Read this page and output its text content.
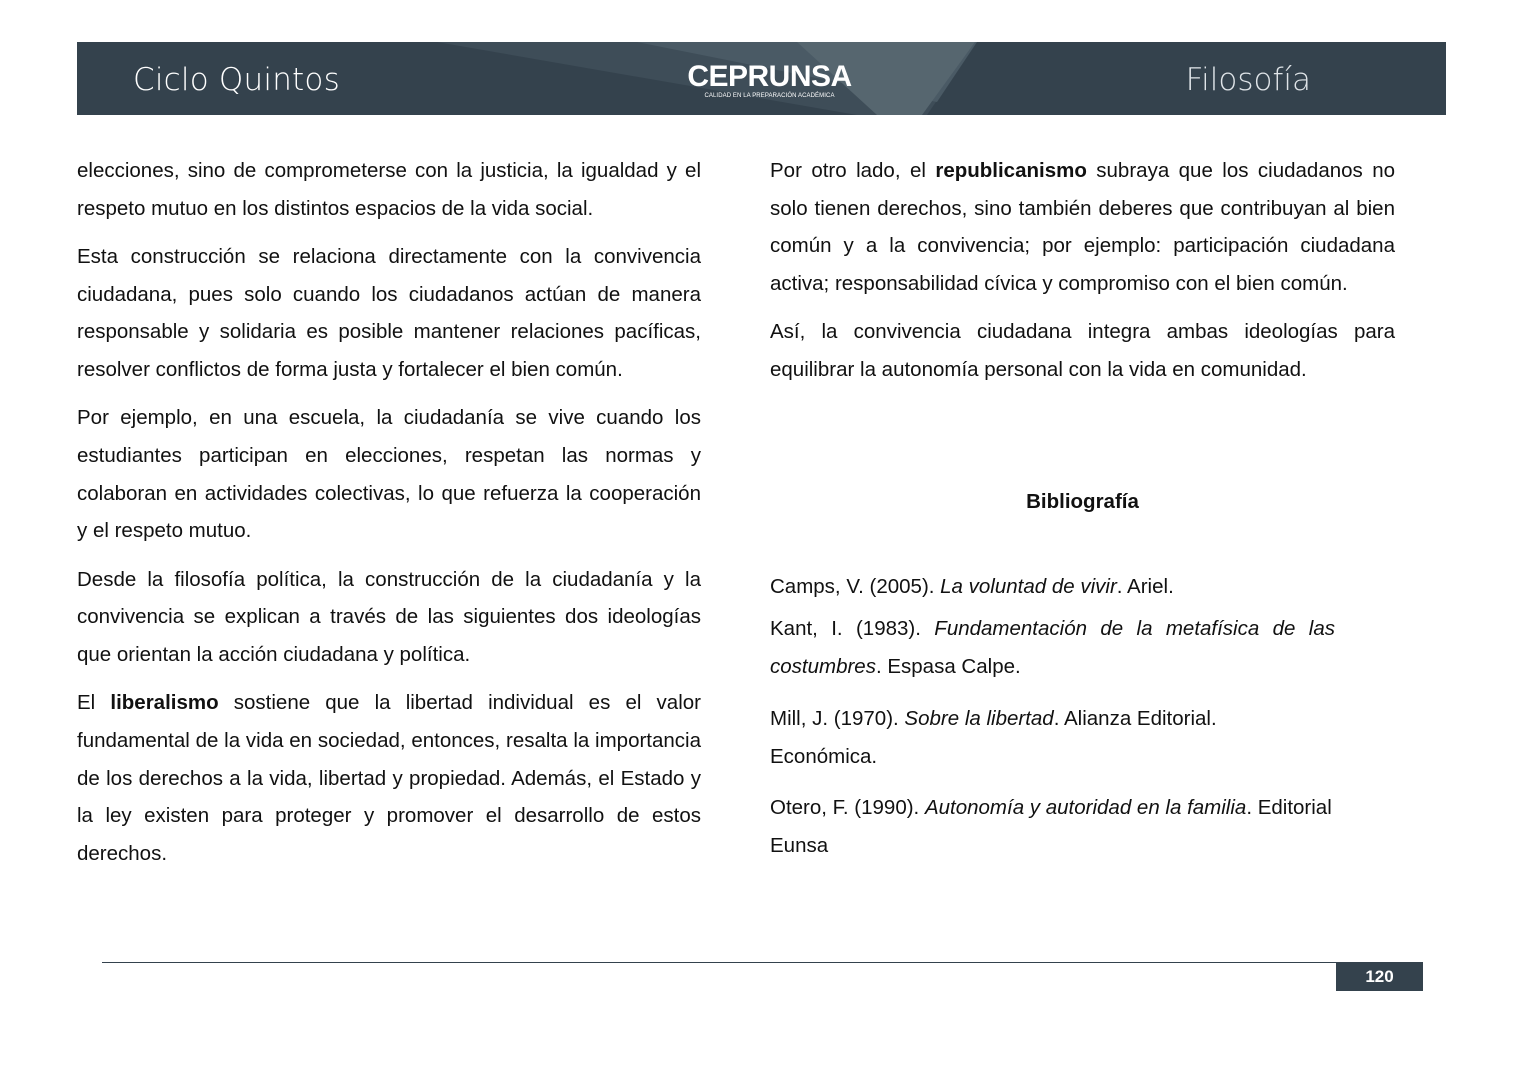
Ciclo Quintos	CEPRUNSA
CALIDAD EN LA PREPARACIÓN ACADÉMICA	Filosofía

elecciones, sino de comprometerse con la justicia, la igualdad y el respeto mutuo en los distintos espacios de la vida social.

Esta construcción se relaciona directamente con la convivencia ciudadana, pues solo cuando los ciudadanos actúan de manera responsable y solidaria es posible mantener relaciones pacíficas, resolver conflictos de forma justa y fortalecer el bien común.

Por ejemplo, en una escuela, la ciudadanía se vive cuando los estudiantes participan en elecciones, respetan las normas y colaboran en actividades colectivas, lo que refuerza la cooperación y el respeto mutuo.

Desde la filosofía política, la construcción de la ciudadanía y la convivencia se explican a través de las siguientes dos ideologías que orientan la acción ciudadana y política.

El liberalismo sostiene que la libertad individual es el valor fundamental de la vida en sociedad, entonces, resalta la importancia de los derechos a la vida, libertad y propiedad. Además, el Estado y la ley existen para proteger y promover el desarrollo de estos derechos.

Por otro lado, el republicanismo subraya que los ciudadanos no solo tienen derechos, sino también deberes que contribuyan al bien común y a la convivencia; por ejemplo: participación ciudadana activa; responsabilidad cívica y compromiso con el bien común.

Así, la convivencia ciudadana integra ambas ideologías para equilibrar la autonomía personal con la vida en comunidad.

Bibliografía
Camps, V. (2005). La voluntad de vivir. Ariel.
Kant, I. (1983). Fundamentación de la metafísica de las costumbres. Espasa Calpe.
Mill, J. (1970). Sobre la libertad. Alianza Editorial.
Económica.
Otero, F. (1990). Autonomía y autoridad en la familia. Editorial Eunsa
120
